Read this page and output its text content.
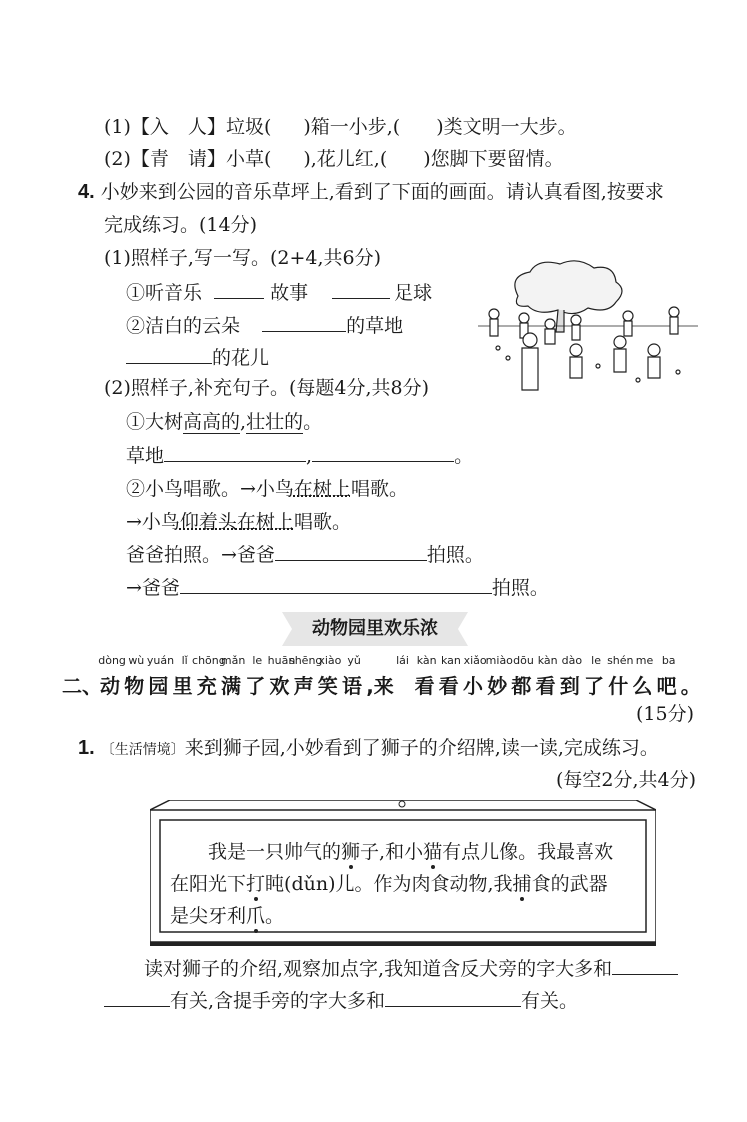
(1)【入　人】垃圾( )箱一小步,( )类文明一大步。
(2)【青　请】小草( ),花儿红,( )您脚下要留情。
4. 小妙来到公园的音乐草坪上,看到了下面的画面。请认真看图,按要求
完成练习。(14分)
(1)照样子,写一写。(2+4,共6分)
①听音乐	故事	足球
②洁白的云朵	的草地
的花儿
(2)照样子,补充句子。(每题4分,共8分)
①大树高高的,壮壮的。
草地	,	。
②小鸟唱歌。→小鸟在树上唱歌。
→小鸟仰着头在树上唱歌。
爸爸拍照。→爸爸	拍照。
→爸爸	拍照。
动物园里欢乐浓
二、
(15分)
1. 〔生活情境〕来到狮子园,小妙看到了狮子的介绍牌,读一读,完成练习。
(每空2分,共4分)
我是一只帅气的狮子,和小猫有点儿像。我最喜欢
在阳光下打盹(dǔn)儿。作为肉食动物,我捕食的武器
是尖牙利爪。
读对狮子的介绍,观察加点字,我知道含反犬旁的字大多和
有关,含提手旁的字大多和	有关。
动
dòng
物
wù
园
yuán
里
lǐ
充
chōng
满
mǎn
了
le
欢
huān
声
shēng
笑
xiào
语
yǔ
,来
lái
看
kàn
看
kan
小
xiǎo
妙
miào
都
dōu
看
kàn
到
dào
了
le
什
shén
么
me
吧
ba
。
